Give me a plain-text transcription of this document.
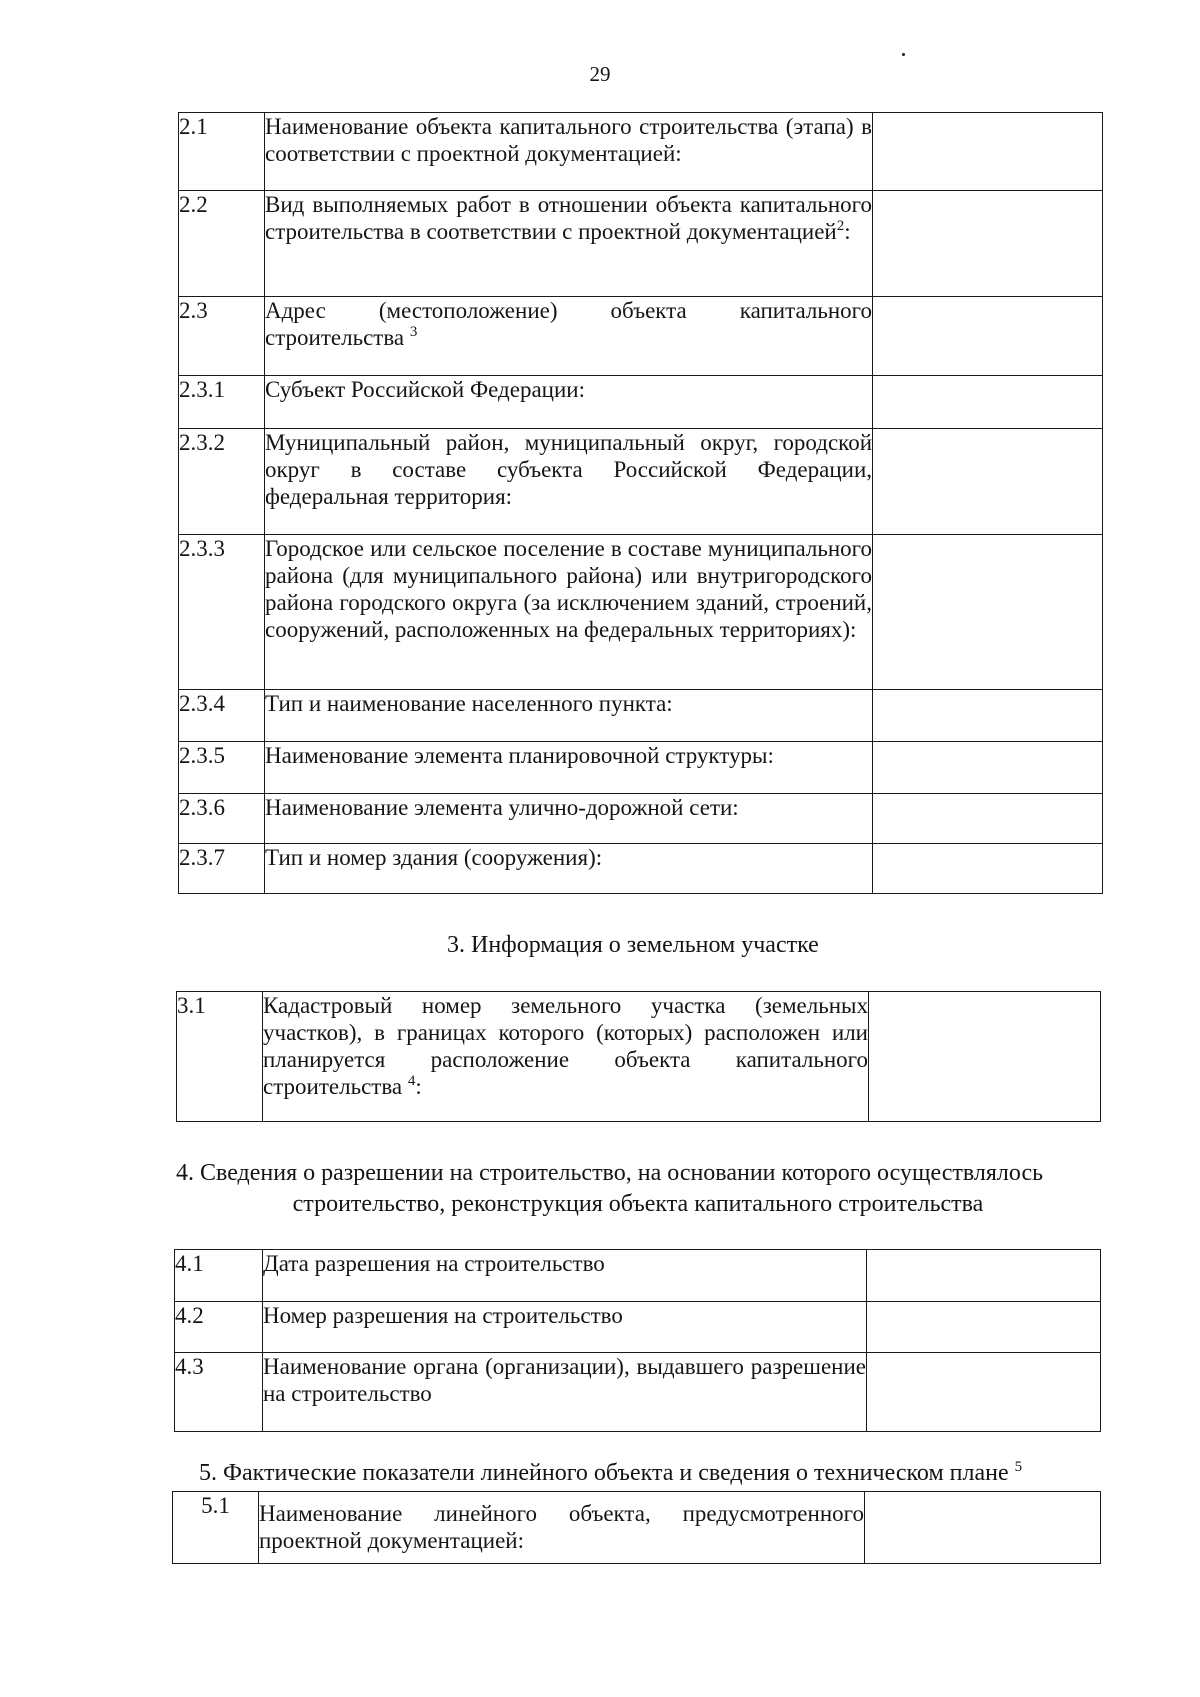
29
2.1	Наименование объекта капитального строительства (этапа) в соответствии с проектной документацией:	
2.2	Вид выполняемых работ в отношении объекта капитального строительства в соответствии с проектной документацией$^2$:	
2.3	Адрес (местоположение) объекта капитального строительства $^3$	
2.3.1	Субъект Российской Федерации:	
2.3.2	Муниципальный район, муниципальный округ, городской округ в составе субъекта Российской Федерации, федеральная территория:	
2.3.3	Городское или сельское поселение в составе муниципального района (для муниципального района) или внутригородского района городского округа (за исключением зданий, строений, сооружений, расположенных на федеральных территориях):	
2.3.4	Тип и наименование населенного пункта:	
2.3.5	Наименование элемента планировочной структуры:	
2.3.6	Наименование элемента улично-дорожной сети:	
2.3.7	Тип и номер здания (сооружения):	
3. Информация о земельном участке
3.1	Кадастровый номер земельного участка (земельных участков), в границах которого (которых) расположен или планируется расположение объекта капитального строительства $^4$:	
4. Сведения о разрешении на строительство, на основании которого осуществлялось
строительство, реконструкция объекта капитального строительства
4.1	Дата разрешения на строительство	
4.2	Номер разрешения на строительство	
4.3	Наименование органа (организации), выдавшего разрешение на строительство	
5. Фактические показатели линейного объекта и сведения о техническом плане $^5$
5.1	Наименование линейного объекта, предусмотренного проектной документацией:	
